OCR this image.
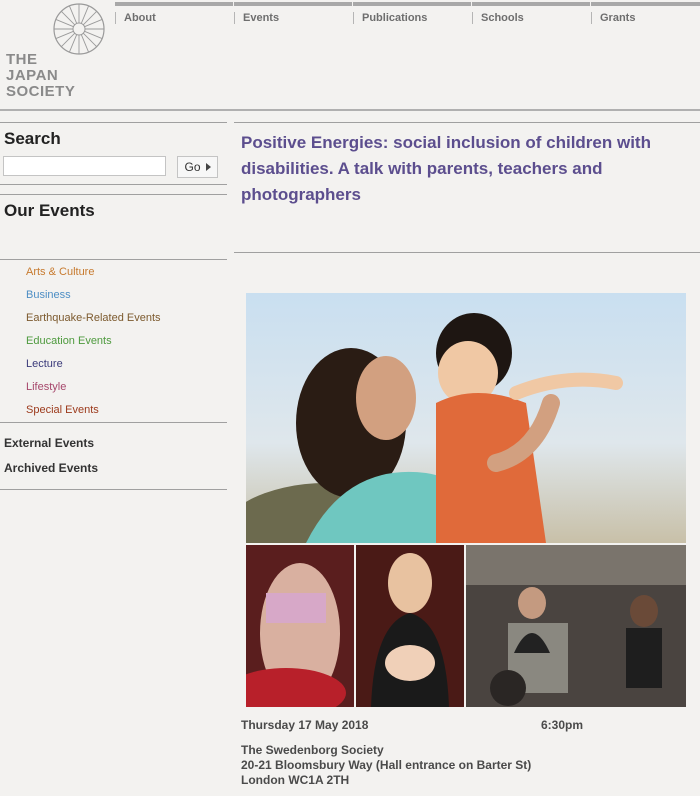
THE
JAPAN
SOCIETY
About	Events	Publications	Schools	Grants
Search
Go
Our Events
Arts & Culture
Business
Earthquake-Related Events
Education Events
Lecture
Lifestyle
Special Events
External Events
Archived Events
Positive Energies: social inclusion of children with disabilities. A talk with parents, teachers and photographers
Thursday 17 May 2018	6:30pm
The Swedenborg Society
20-21 Bloomsbury Way (Hall entrance on Barter St)
London WC1A 2TH
